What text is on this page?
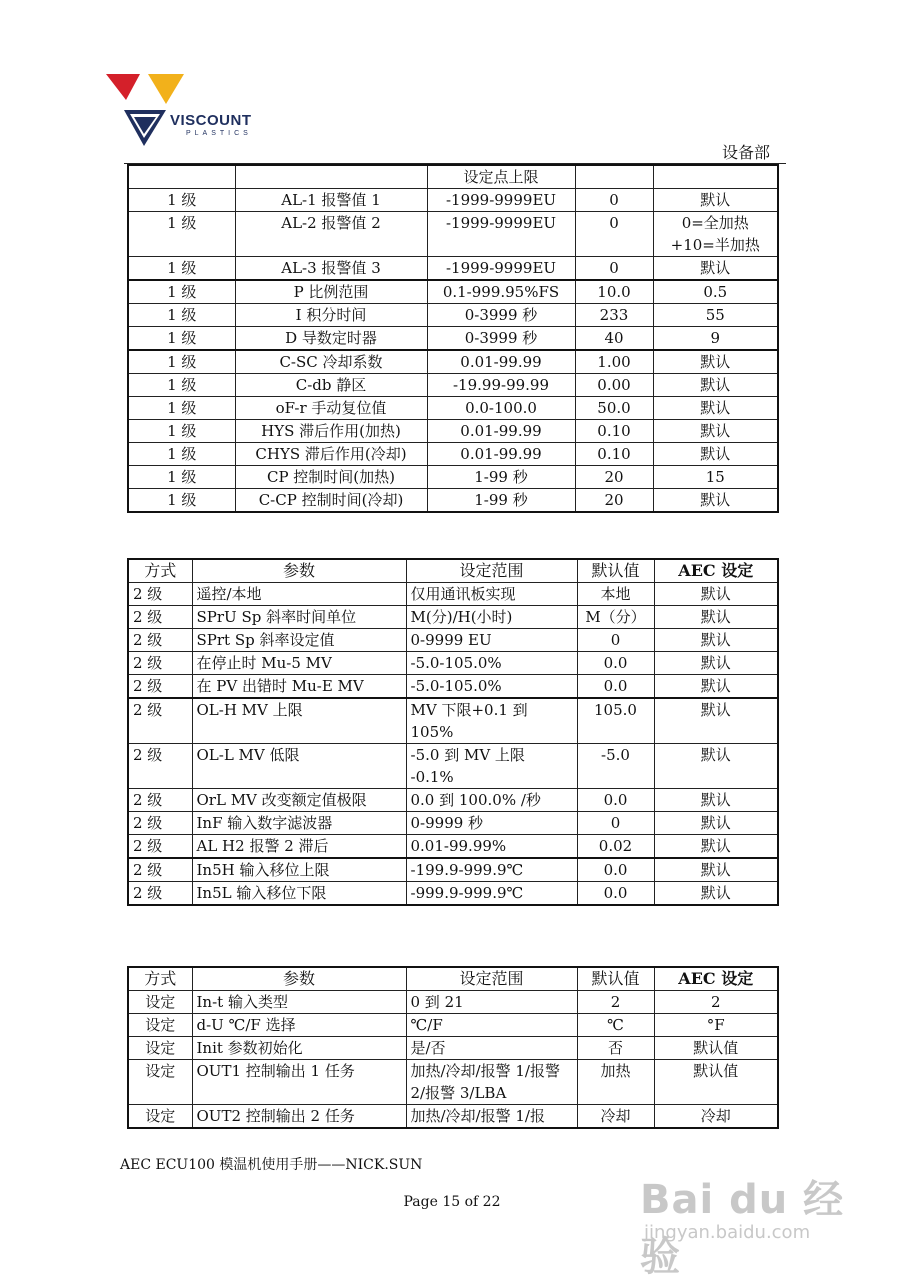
VISCOUNT
PLASTICS
设备部
		设定点上限		
1 级	AL-1 报警值 1	-1999-9999EU	0	默认
1 级	AL-2 报警值 2	-1999-9999EU	0	0=全加热
+10=半加热
1 级	AL-3 报警值 3	-1999-9999EU	0	默认
1 级	P 比例范围	0.1-999.95%FS	10.0	0.5
1 级	I 积分时间	0-3999 秒	233	55
1 级	D 导数定时器	0-3999 秒	40	9
1 级	C-SC 冷却系数	0.01-99.99	1.00	默认
1 级	C-db 静区	-19.99-99.99	0.00	默认
1 级	oF-r 手动复位值	0.0-100.0	50.0	默认
1 级	HYS 滞后作用(加热)	0.01-99.99	0.10	默认
1 级	CHYS 滞后作用(冷却)	0.01-99.99	0.10	默认
1 级	CP 控制时间(加热)	1-99 秒	20	15
1 级	C-CP 控制时间(冷却)	1-99 秒	20	默认
方式	参数	设定范围	默认值	AEC 设定
2 级	遥控/本地	仅用通讯板实现	本地	默认
2 级	SPrU Sp 斜率时间单位	M(分)/H(小时)	M（分）	默认
2 级	SPrt Sp 斜率设定值	0-9999 EU	0	默认
2 级	在停止时 Mu-5 MV	-5.0-105.0%	0.0	默认
2 级	在 PV 出错时 Mu-E MV	-5.0-105.0%	0.0	默认
2 级	OL-H MV 上限	MV 下限+0.1 到 105%	105.0	默认
2 级	OL-L MV 低限	-5.0 到 MV 上限 -0.1%	-5.0	默认
2 级	OrL MV 改变额定值极限	0.0 到 100.0% /秒	0.0	默认
2 级	InF 输入数字滤波器	0-9999 秒	0	默认
2 级	AL H2 报警 2 滞后	0.01-99.99%	0.02	默认
2 级	In5H 输入移位上限	-199.9-999.9℃	0.0	默认
2 级	In5L 输入移位下限	-999.9-999.9℃	0.0	默认
方式	参数	设定范围	默认值	AEC 设定
设定	In-t 输入类型	0 到 21	2	2
设定	d-U ℃/F 选择	℃/F	℃	°F
设定	Init 参数初始化	是/否	否	默认值
设定	OUT1 控制输出 1 任务	加热/冷却/报警 1/报警 2/报警 3/LBA	加热	默认值
设定	OUT2 控制输出 2 任务	加热/冷却/报警 1/报	冷却	冷却
AEC ECU100 模温机使用手册——NICK.SUN
Page 15 of 22	Bai du 经验
jingyan.baidu.com
